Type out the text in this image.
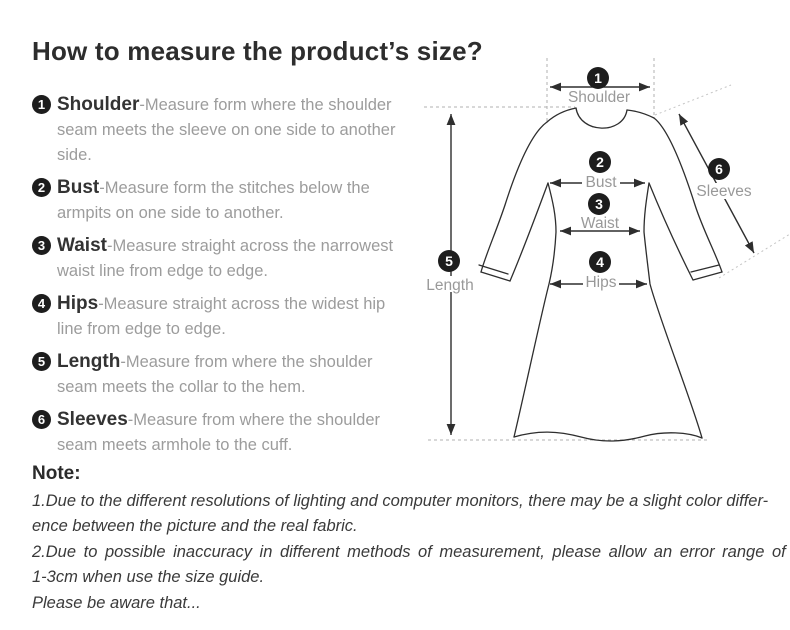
How to measure the product’s size?
1 Shoulder-Measure form where the shoulder
seam meets the sleeve on one side to another
side.
2 Bust-Measure form the stitches below the
armpits on one side to another.
3 Waist-Measure straight across the narrowest
waist line from edge to edge.
4 Hips-Measure straight across the widest hip
line from edge to edge.
5 Length-Measure from where the shoulder
seam meets the collar to the hem.
6 Sleeves-Measure from where the shoulder
seam meets armhole to the cuff.
1
2
3
4
5
6
Shoulder
Bust
Waist
Hips
Length
Sleeves
Note:
1.Due to the different resolutions of lighting and computer monitors, there may be a slight color differ-
ence between the picture and the real fabric.
2.Due to possible inaccuracy in different methods of measurement, please allow an error range of
1-3cm when use the size guide.
Please be aware that...
